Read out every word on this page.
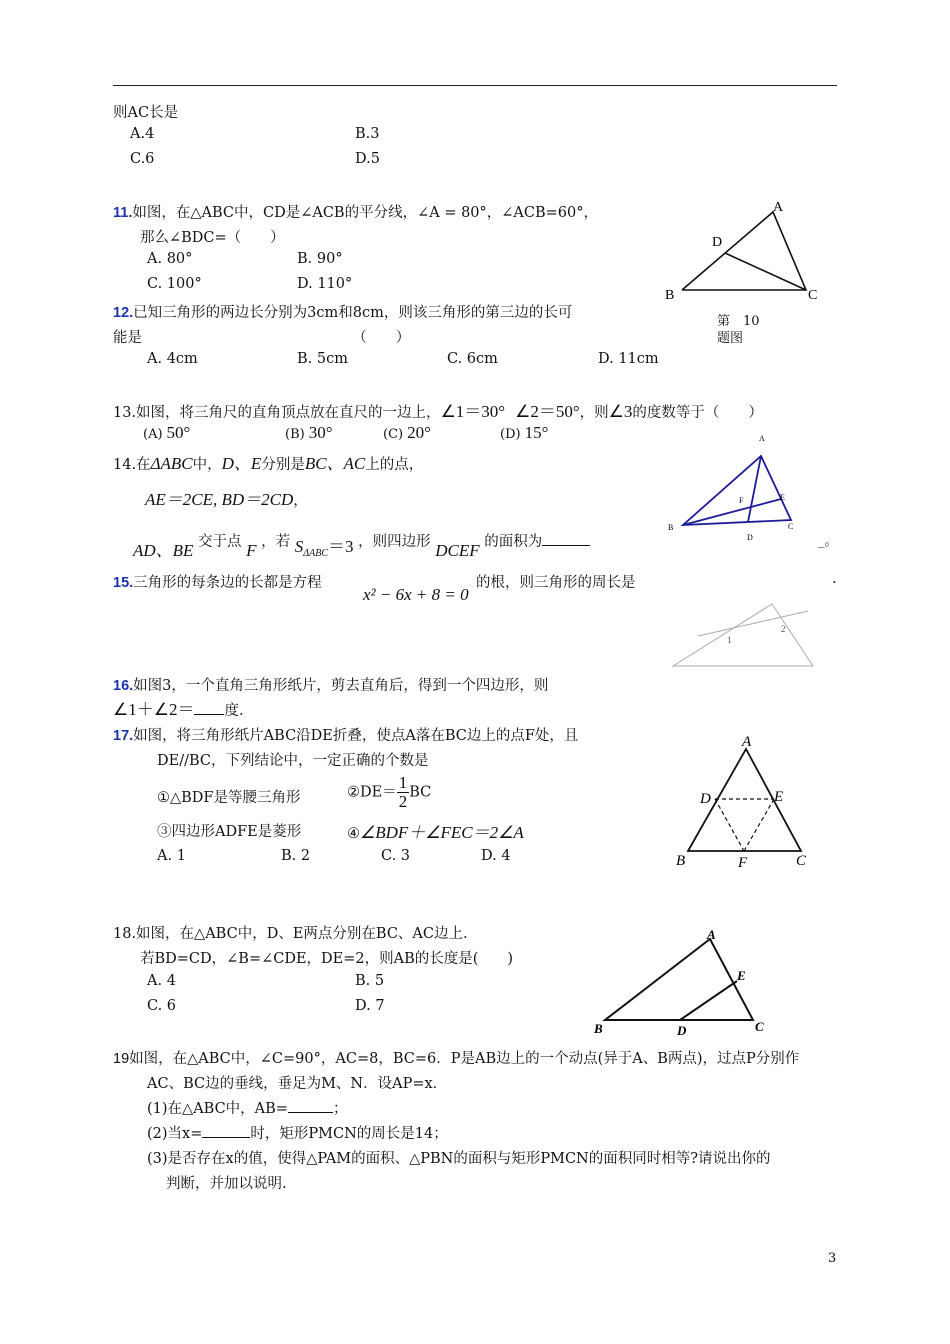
则AC长是
A.4	B.3
C.6	D.5
11.如图，在△ABC中，CD是∠ACB的平分线，∠A = 80°，∠ACB=60°，
那么∠BDC=（　　）
A. 80°	B. 90°
C. 100°	D. 110°
A
D
B	C
第　10
题图
12.已知三角形的两边长分别为3cm和8cm，则该三角形的第三边的长可
能是　　　　　　　　　　　　　　　（　　）
A. 4cm	B. 5cm	C. 6cm	D. 11cm
13.如图，将三角尺的直角顶点放在直尺的一边上，∠1＝30° ∠2＝50°，则∠3的度数等于（　　）
(A) 50°	(B) 30°	(C) 20°	(D) 15°
14.在ΔABC中，D、E分别是BC、AC上的点，
AE＝2CE, BD＝2CD，
AD、BE 交于点 F ，若 $S_{\Delta ABC}=3$ ，则四边形 DCEF 的面积为	_。
A
B	C
D
E
F
15.三角形的每条边的长都是方程
x² − 6x + 8 = 0
的根，则三角形的周长是	.
1
2
16.如图3，一个直角三角形纸片，剪去直角后，得到一个四边形，则
∠1＋∠2＝ 度.
17.如图，将三角形纸片ABC沿DE折叠，使点A落在BC边上的点F处，且
DE//BC，下列结论中，一定正确的个数是
①△BDF是等腰三角形	②DE＝ $\frac{1}{2}$ BC
③四边形ADFE是菱形	④∠BDF＋∠FEC＝2∠A
A. 1	B. 2	C. 3	D. 4
A
D	E
B	F	C
18.如图，在△ABC中，D、E两点分别在BC、AC边上.
若BD=CD，∠B=∠CDE，DE=2，则AB的长度是(　　)
A. 4	B. 5
C. 6	D. 7
A
E
B	D	C
19如图，在△ABC中，∠C=90°，AC=8，BC=6．P是AB边上的一个动点(异于A、B两点)，过点P分别作
AC、BC边的垂线，垂足为M、N．设AP=x．
(1)在△ABC中，AB=	；
(2)当x=	时，矩形PMCN的周长是14；
(3)是否存在x的值，使得△PAM的面积、△PBN的面积与矩形PMCN的面积同时相等?请说出你的
判断，并加以说明.
3
